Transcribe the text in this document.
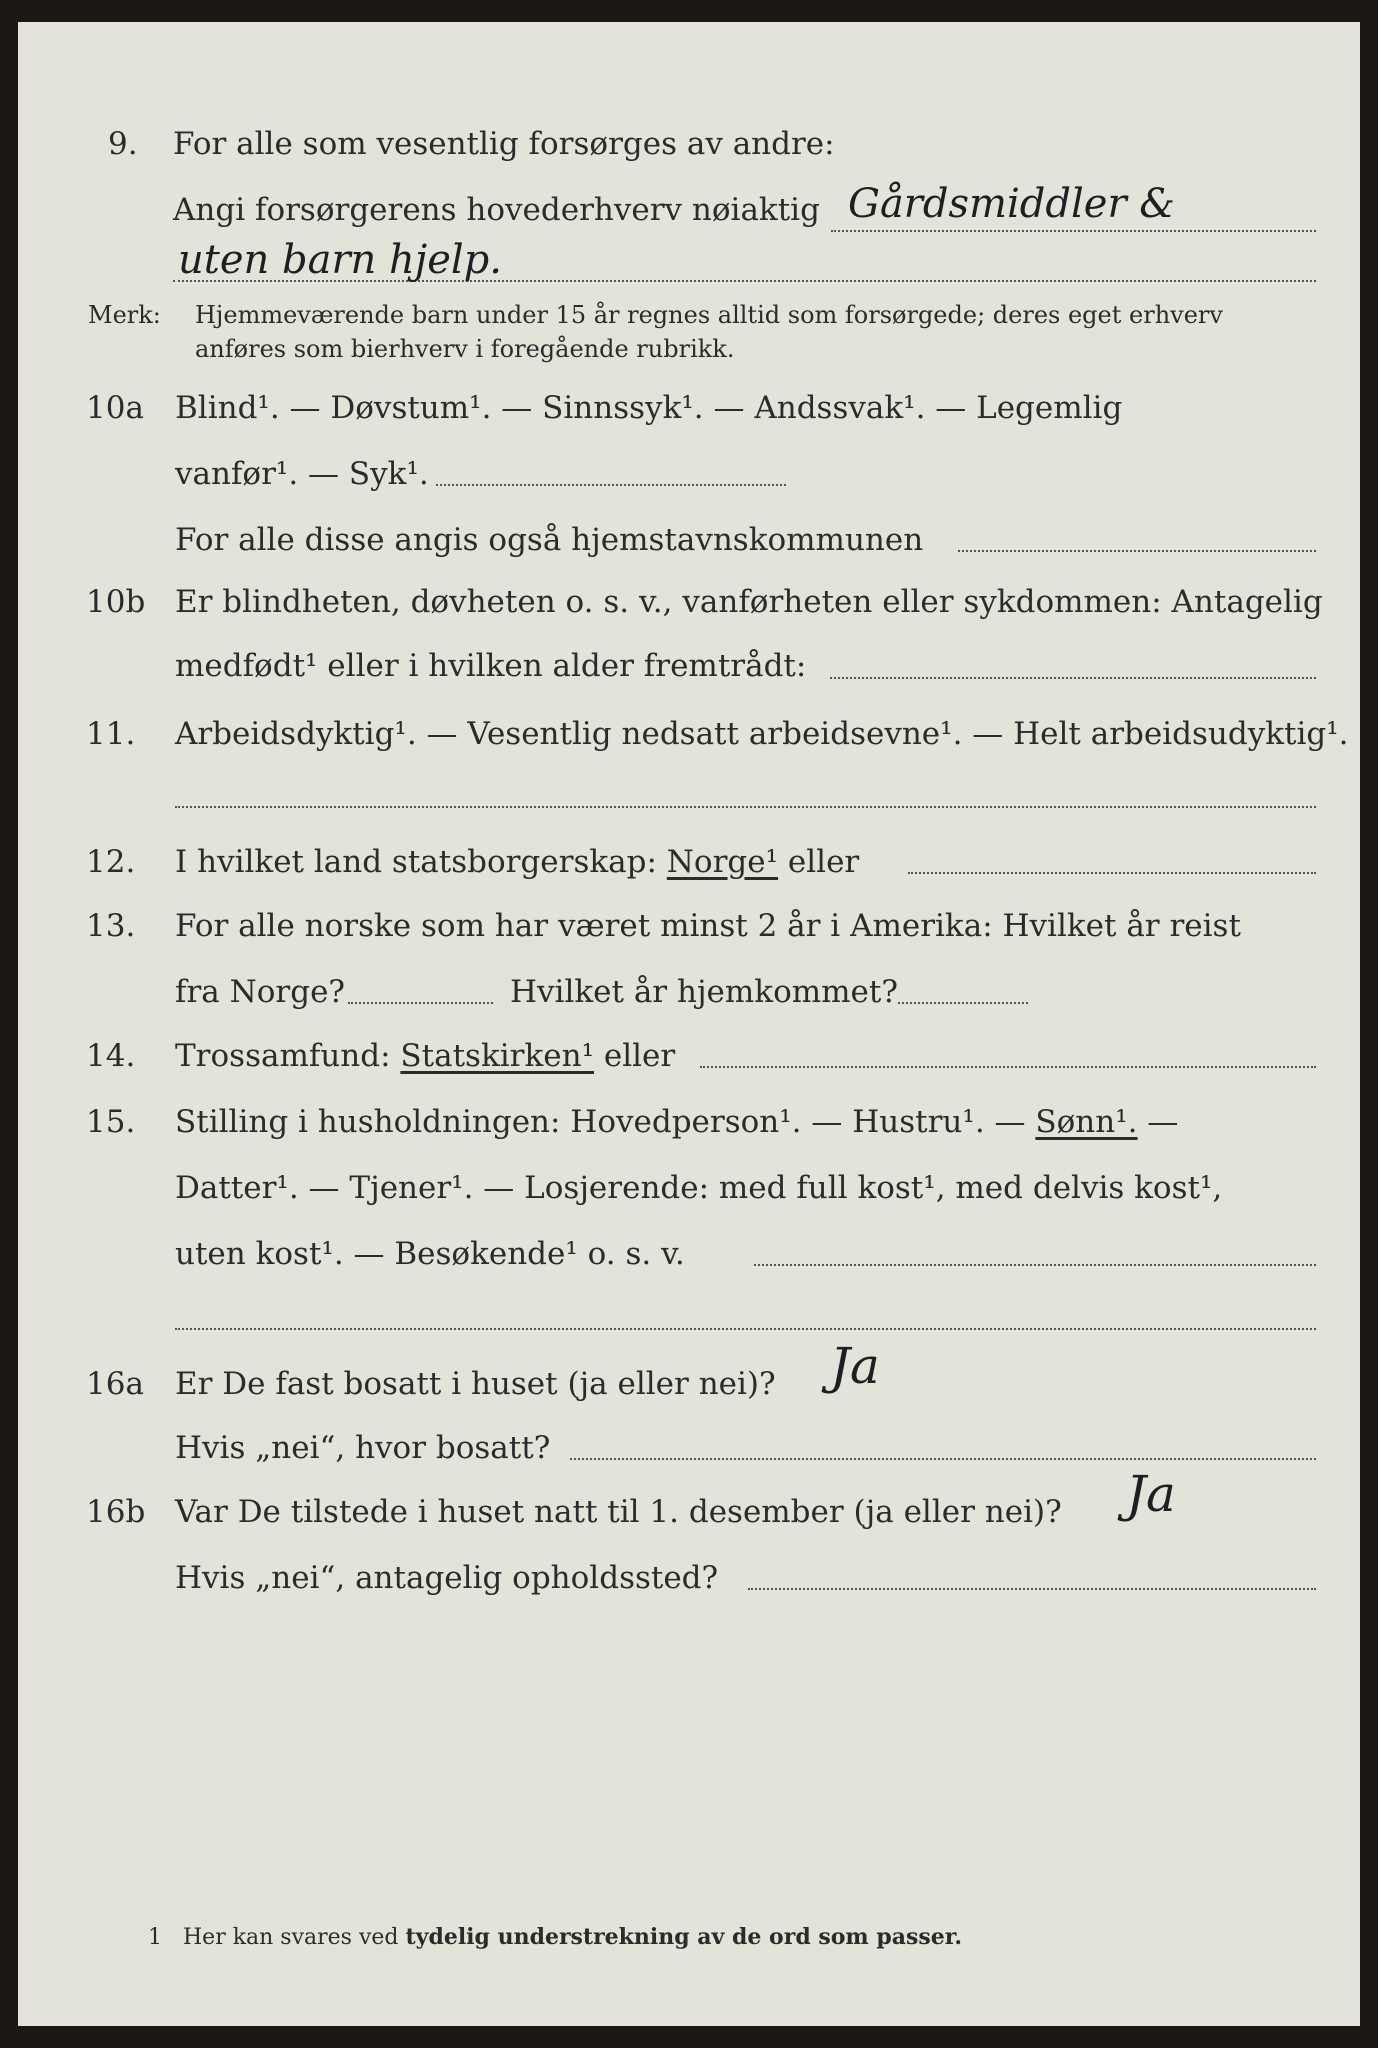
9. For alle som vesentlig forsørges av andre:
Angi forsørgerens hovederhverv nøiaktig Gårdsmiddler &
uten barn hjelp.
Merk: Hjemmeværende barn under 15 år regnes alltid som forsørgede; deres eget erhverv
anføres som bierhverv i foregående rubrikk.
10a Blind¹. — Døvstum¹. — Sinnssyk¹. — Andssvak¹. — Legemlig
vanfør¹. — Syk¹.
For alle disse angis også hjemstavnskommunen
10b Er blindheten, døvheten o. s. v., vanførheten eller sykdommen: Antagelig
medfødt¹ eller i hvilken alder fremtrådt:
11. Arbeidsdyktig¹. — Vesentlig nedsatt arbeidsevne¹. — Helt arbeidsudyktig¹.
12. I hvilket land statsborgerskap: Norge¹ eller
13. For alle norske som har været minst 2 år i Amerika: Hvilket år reist
fra Norge?	Hvilket år hjemkommet?
14. Trossamfund: Statskirken¹ eller
15. Stilling i husholdningen: Hovedperson¹. — Hustru¹. — Sønn¹. —
Datter¹. — Tjener¹. — Losjerende: med full kost¹, med delvis kost¹,
uten kost¹. — Besøkende¹ o. s. v.
16a Er De fast bosatt i huset (ja eller nei)? Ja
Hvis „nei“, hvor bosatt?
16b Var De tilstede i huset natt til 1. desember (ja eller nei)? Ja
Hvis „nei“, antagelig opholdssted?
1 Her kan svares ved tydelig understrekning av de ord som passer.
